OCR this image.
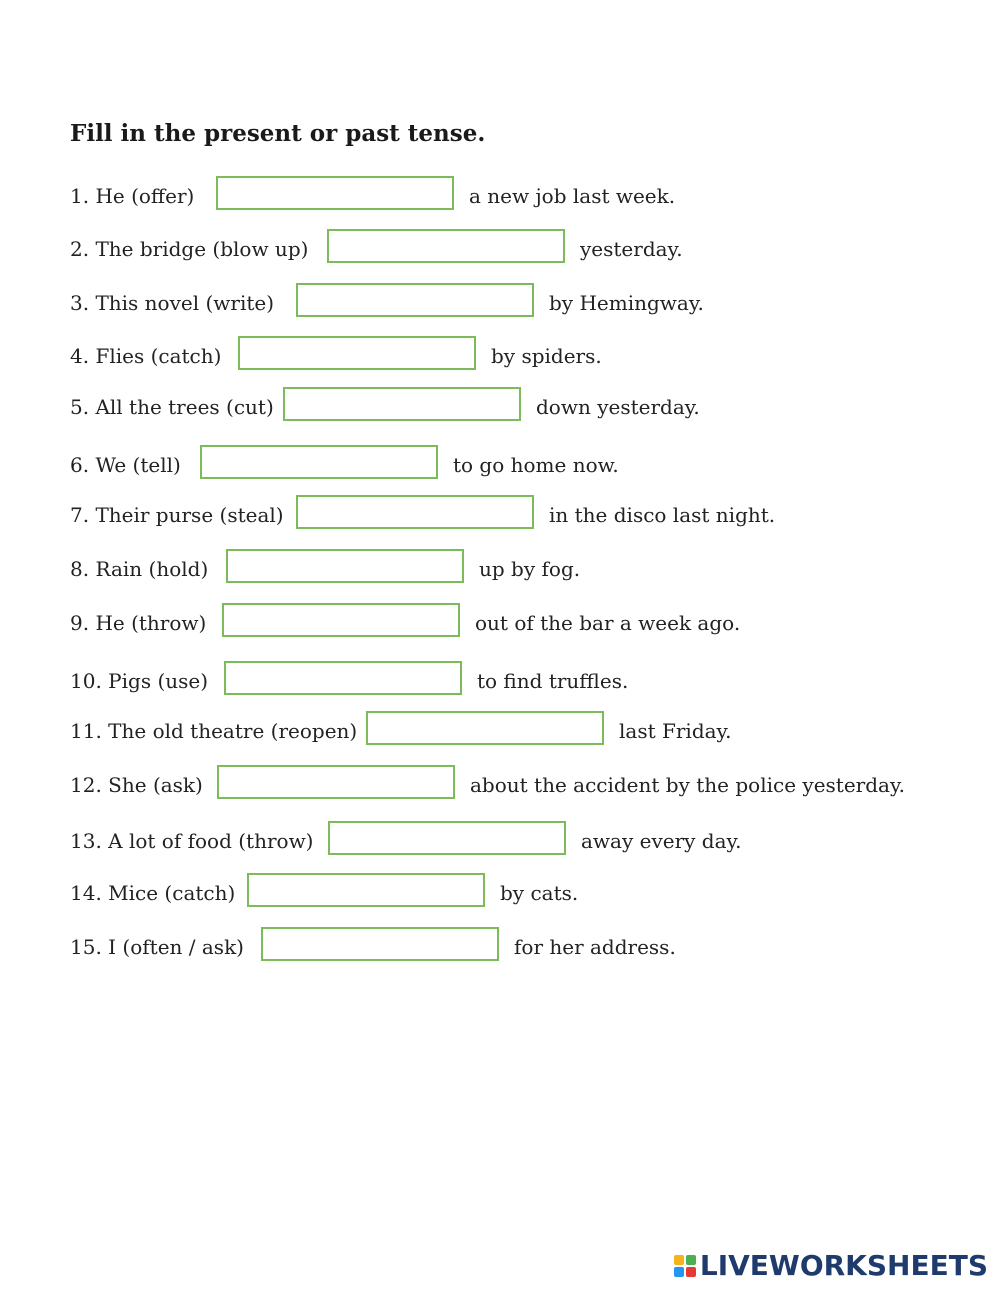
Fill in the present or past tense.
1. He (offer)	a new job last week.
2. The bridge (blow up)	yesterday.
3. This novel (write)	by Hemingway.
4. Flies (catch)	by spiders.
5. All the trees (cut)	down yesterday.
6. We (tell)	to go home now.
7. Their purse (steal)	in the disco last night.
8. Rain (hold)	up by fog.
9. He (throw)	out of the bar a week ago.
10. Pigs (use)	to find truffles.
11. The old theatre (reopen)	last Friday.
12. She (ask)	about the accident by the police yesterday.
13. A lot of food (throw)	away every day.
14. Mice (catch)	by cats.
15. I (often / ask)	for her address.
LIVEWORKSHEETS
